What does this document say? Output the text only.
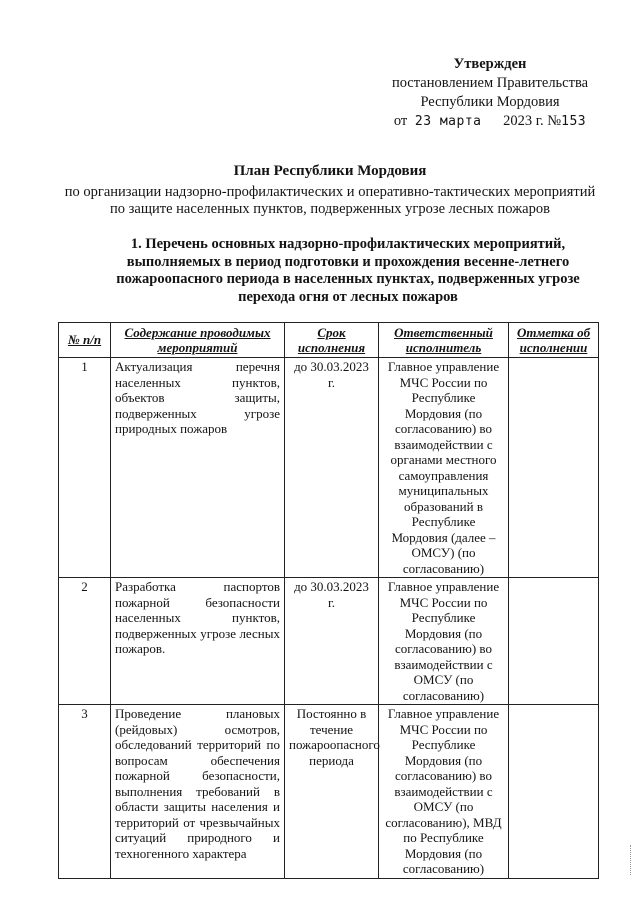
Утвержден
постановлением Правительства
Республики Мордовия
от 23 марта 2023 г. №153
План Республики Мордовия
по организации надзорно-профилактических и оперативно-тактических мероприятий по защите населенных пунктов, подверженных угрозе лесных пожаров
1. Перечень основных надзорно-профилактических мероприятий, выполняемых в период подготовки и прохождения весенне-летнего пожароопасного периода в населенных пунктах, подверженных угрозе перехода огня от лесных пожаров
№ п/п	Содержание проводимых мероприятий	Срок исполнения	Ответственный исполнитель	Отметка об исполнении
1	Актуализация перечня населенных пунктов, объектов защиты, подверженных угрозе природных пожаров	до 30.03.2023 г.	Главное управление МЧС России по Республике Мордовия (по согласованию) во взаимодействии с органами местного самоуправления муниципальных образований в Республике Мордовия (далее – ОМСУ) (по согласованию)	
2	Разработка паспортов пожарной безопасности населенных пунктов, подверженных угрозе лесных пожаров.	до 30.03.2023 г.	Главное управление МЧС России по Республике Мордовия (по согласованию) во взаимодействии с ОМСУ (по согласованию)	
3	Проведение плановых (рейдовых) осмотров, обследований территорий по вопросам обеспечения пожарной безопасности, выполнения требований в области защиты населения и территорий от чрезвычайных ситуаций природного и техногенного характера	Постоянно в течение пожароопасного периода	Главное управление МЧС России по Республике Мордовия (по согласованию) во взаимодействии с ОМСУ (по согласованию), МВД по Республике Мордовия (по согласованию)	
